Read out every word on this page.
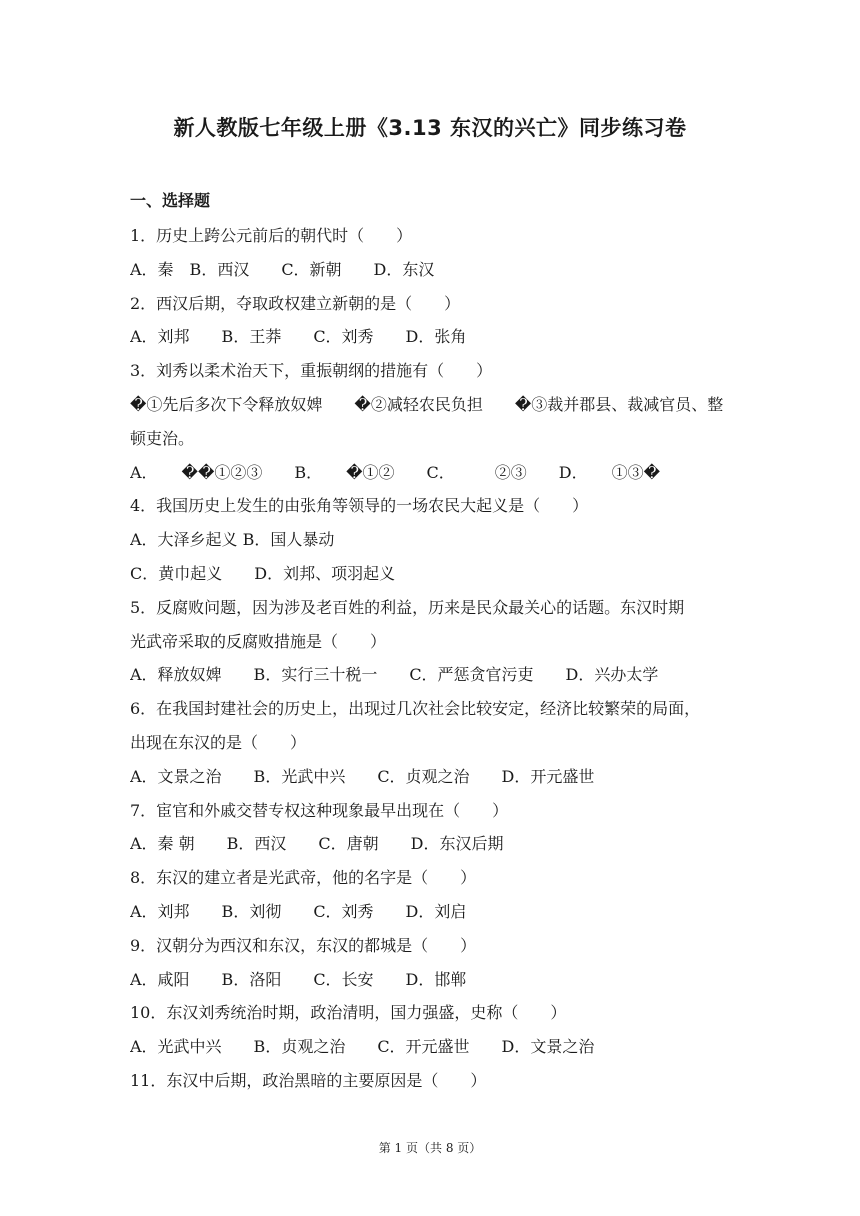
新人教版七年级上册《3.13 东汉的兴亡》同步练习卷
一、选择题
1．历史上跨公元前后的朝代时（　　）
A．秦　B．西汉　　C．新朝　　D．东汉
2．西汉后期，夺取政权建立新朝的是（　　）
A．刘邦　　B．王莽　　C．刘秀　　D．张角
3．刘秀以柔术治天下，重振朝纲的措施有（　　）
�①先后多次下令释放奴婢　　�②减轻农民负担　　�③裁并郡县、裁减官员、整
顿吏治。
A．　　��①②③　　B．　　�①②　　C．　　　②③　　D．　　①③�
4．我国历史上发生的由张角等领导的一场农民大起义是（　　）
A．大泽乡起义 B．国人暴动
C．黄巾起义　　D．刘邦、项羽起义
5．反腐败问题，因为涉及老百姓的利益，历来是民众最关心的话题。东汉时期
光武帝采取的反腐败措施是（　　）
A．释放奴婢　　B．实行三十税一　　C．严惩贪官污吏　　D．兴办太学
6．在我国封建社会的历史上，出现过几次社会比较安定，经济比较繁荣的局面，
出现在东汉的是（　　）
A．文景之治　　B．光武中兴　　C．贞观之治　　D．开元盛世
7．宦官和外戚交替专权这种现象最早出现在（　　）
A．秦 朝　　B．西汉　　C．唐朝　　D．东汉后期
8．东汉的建立者是光武帝，他的名字是（　　）
A．刘邦　　B．刘彻　　C．刘秀　　D．刘启
9．汉朝分为西汉和东汉，东汉的都城是（　　）
A．咸阳　　B．洛阳　　C．长安　　D．邯郸
10．东汉刘秀统治时期，政治清明，国力强盛，史称（　　）
A．光武中兴　　B．贞观之治　　C．开元盛世　　D．文景之治
11．东汉中后期，政治黑暗的主要原因是（　　）
第 1 页（共 8 页）
